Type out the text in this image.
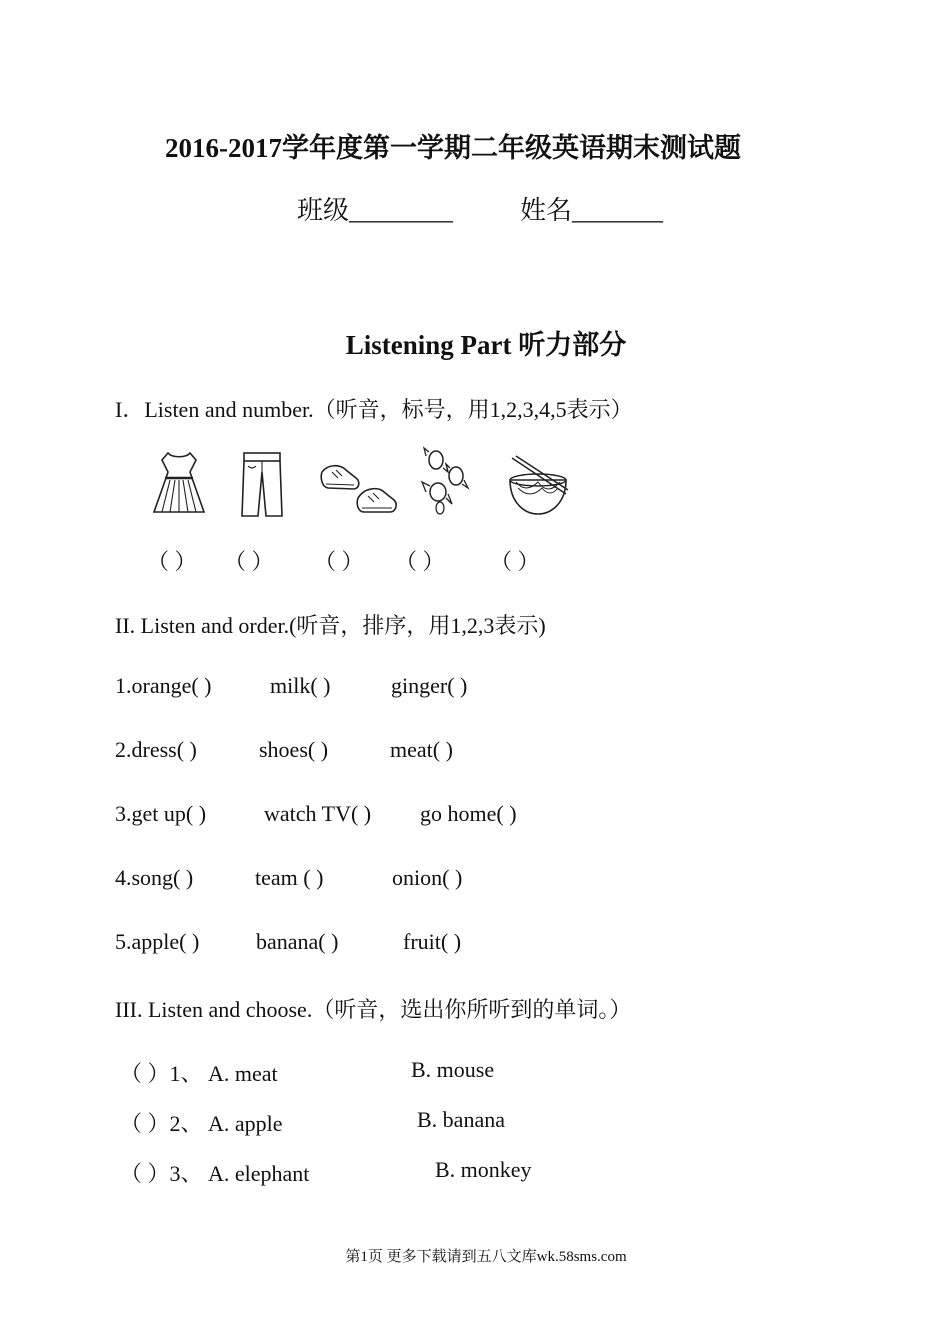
2016-2017学年度第一学期二年级英语期末测试题
班级________	姓名_______
Listening Part 听力部分
I．Listen and number.（听音，标号，用1,2,3,4,5表示）
（ ） （ ） （ ） （ ） （ ）
II. Listen and order.(听音，排序，用1,2,3表示)
1.orange( )	milk( )	ginger( )
2.dress( )	shoes( )	meat( )
3.get up( )	watch TV( ) go home( )
4.song( )	team ( )	onion( )
5.apple( )	banana( )	fruit( )
III. Listen and choose.（听音，选出你所听到的单词。）
（ ）1、 A. meat	B. mouse
（ ）2、 A. apple	B. banana
（ ）3、 A. elephant	B. monkey
第1页 更多下载请到五八文库wk.58sms.com
